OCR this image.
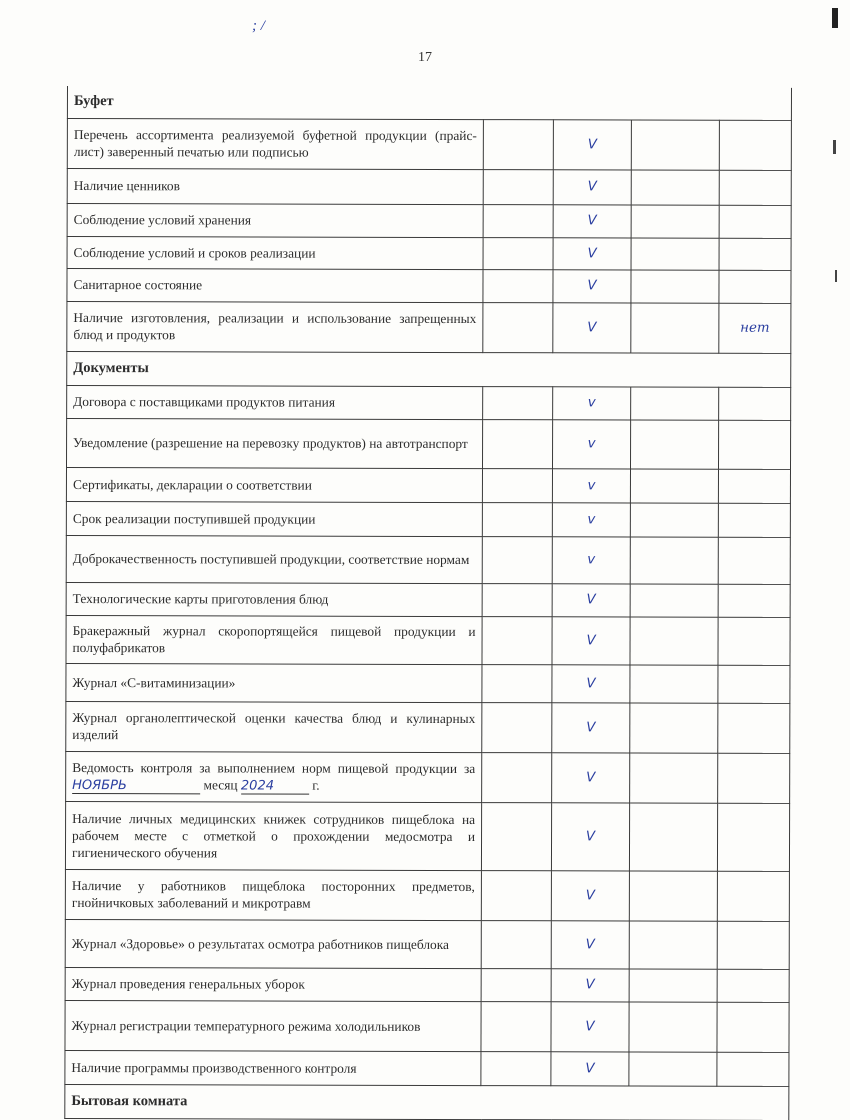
17
; /
Буфет				
Перечень ассортимента реализуемой буфетной продукции (прайс-лист) заверенный печатью или подписью		V		
Наличие ценников		V		
Соблюдение условий хранения		V		
Соблюдение условий и сроков реализации		V		
Санитарное состояние		V		
Наличие изготовления, реализации и использование запрещенных блюд и продуктов		V		нет
Документы				
Договора с поставщиками продуктов питания		v		
Уведомление (разрешение на перевозку продуктов) на автотранспорт		v		
Сертификаты, декларации о соответствии		v		
Срок реализации поступившей продукции		v		
Доброкачественность поступившей продукции, соответствие нормам		v		
Технологические карты приготовления блюд		V		
Бракеражный журнал скоропортящейся пищевой продукции и полуфабрикатов		V		
Журнал «С-витаминизации»		V		
Журнал органолептической оценки качества блюд и кулинарных изделий		V		
Ведомость контроля за выполнением норм пищевой продукции за НОЯБРЬ месяц 2024 г.		V		
Наличие личных медицинских книжек сотрудников пищеблока на рабочем месте с отметкой о прохождении медосмотра и гигиенического обучения		V		
Наличие у работников пищеблока посторонних предметов, гнойничковых заболеваний и микротравм		V		
Журнал «Здоровье» о результатах осмотра работников пищеблока		V		
Журнал проведения генеральных уборок		V		
Журнал регистрации температурного режима холодильников		V		
Наличие программы производственного контроля		V		
Бытовая комната				
